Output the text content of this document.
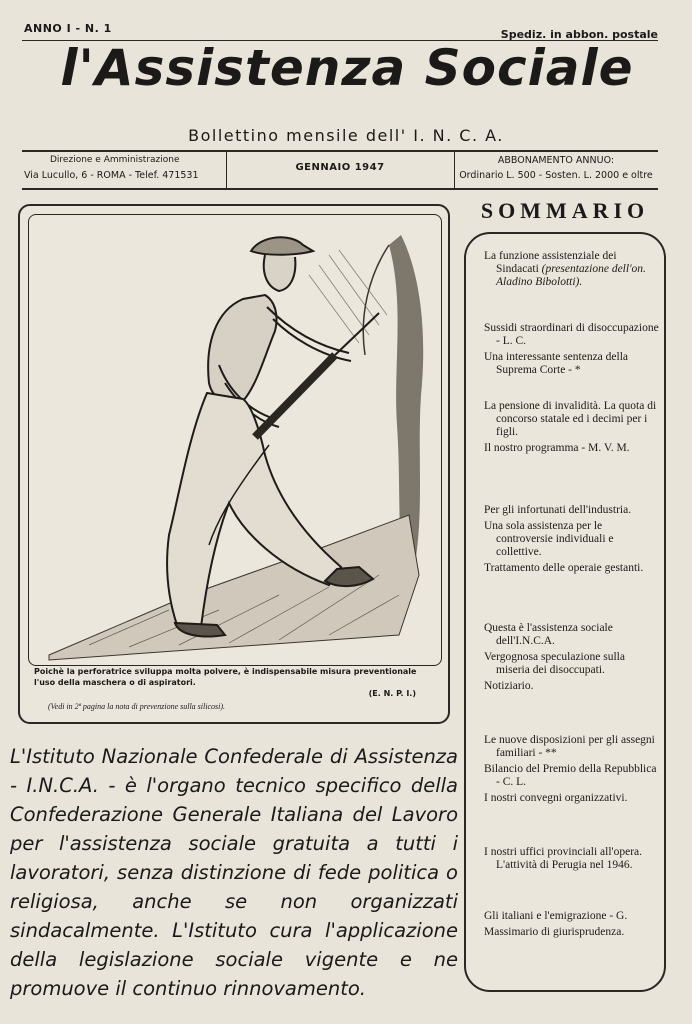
ANNO I - N. 1	Spediz. in abbon. postale
l'Assistenza Sociale
Bollettino mensile dell' I. N. C. A.
Direzione e Amministrazione
Via Lucullo, 6 - ROMA - Telef. 471531
GENNAIO 1947
ABBONAMENTO ANNUO:
Ordinario L. 500 - Sosten. L. 2000 e oltre
Poichè la perforatrice sviluppa molta polvere, è indispensabile misura preventionale l'uso della maschera o di aspiratori.
(E. N. P. I.)
(Vedi in 2ª pagina la nota di prevenzione sulla silicosi).
SOMMARIO
La funzione assistenziale dei Sindacati (presentazione dell'on. Aladino Bibolotti).
Sussidi straordinari di disoccupazione - L. C.
Una interessante sentenza della Suprema Corte - *
La pensione di invalidità. La quota di concorso statale ed i decimi per i figli.
Il nostro programma - M. V. M.
Per gli infortunati dell'industria.
Una sola assistenza per le controversie individuali e collettive.
Trattamento delle operaie gestanti.
Questa è l'assistenza sociale dell'I.N.C.A.
Vergognosa speculazione sulla miseria dei disoccupati.
Notiziario.
Le nuove disposizioni per gli assegni familiari - **
Bilancio del Premio della Repubblica - C. L.
I nostri convegni organizzativi.
I nostri uffici provinciali all'opera. L'attività di Perugia nel 1946.
Gli italiani e l'emigrazione - G.
Massimario di giurisprudenza.
L'Istituto Nazionale Confederale di Assistenza - I.N.C.A. - è l'organo tecnico specifico della Confederazione Generale Italiana del Lavoro per l'assistenza sociale gratuita a tutti i lavoratori, senza distinzione di fede politica o religiosa, anche se non organizzati sindacalmente. L'Istituto cura l'applicazione della legislazione sociale vigente e ne promuove il continuo rinnovamento.
